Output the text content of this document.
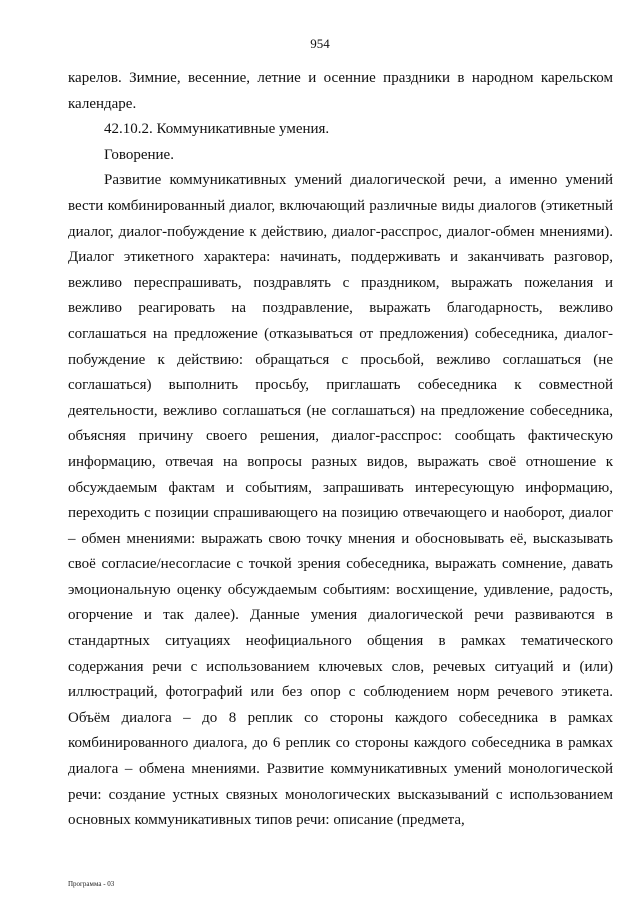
954

карелов. Зимние, весенние, летние и осенние праздники в народном карельском календаре.

42.10.2. Коммуникативные умения.

Говорение.

Развитие коммуникативных умений диалогической речи, а именно умений вести комбинированный диалог, включающий различные виды диалогов (этикетный диалог, диалог-побуждение к действию, диалог-расспрос, диалог-обмен мнениями). Диалог этикетного характера: начинать, поддерживать и заканчивать разговор, вежливо переспрашивать, поздравлять с праздником, выражать пожелания и вежливо реагировать на поздравление, выражать благодарность, вежливо соглашаться на предложение (отказываться от предложения) собеседника, диалог-побуждение к действию: обращаться с просьбой, вежливо соглашаться (не соглашаться) выполнить просьбу, приглашать собеседника к совместной деятельности, вежливо соглашаться (не соглашаться) на предложение собеседника, объясняя причину своего решения, диалог-расспрос: сообщать фактическую информацию, отвечая на вопросы разных видов, выражать своё отношение к обсуждаемым фактам и событиям, запрашивать интересующую информацию, переходить с позиции спрашивающего на позицию отвечающего и наоборот, диалог – обмен мнениями: выражать свою точку мнения и обосновывать её, высказывать своё согласие/несогласие с точкой зрения собеседника, выражать сомнение, давать эмоциональную оценку обсуждаемым событиям: восхищение, удивление, радость, огорчение и так далее). Данные умения диалогической речи развиваются в стандартных ситуациях неофициального общения в рамках тематического содержания речи с использованием ключевых слов, речевых ситуаций и (или) иллюстраций, фотографий или без опор с соблюдением норм речевого этикета. Объём диалога – до 8 реплик со стороны каждого собеседника в рамках комбинированного диалога, до 6 реплик со стороны каждого собеседника в рамках диалога – обмена мнениями. Развитие коммуникативных умений монологической речи: создание устных связных монологических высказываний с использованием основных коммуникативных типов речи: описание (предмета,

Программа - 03
